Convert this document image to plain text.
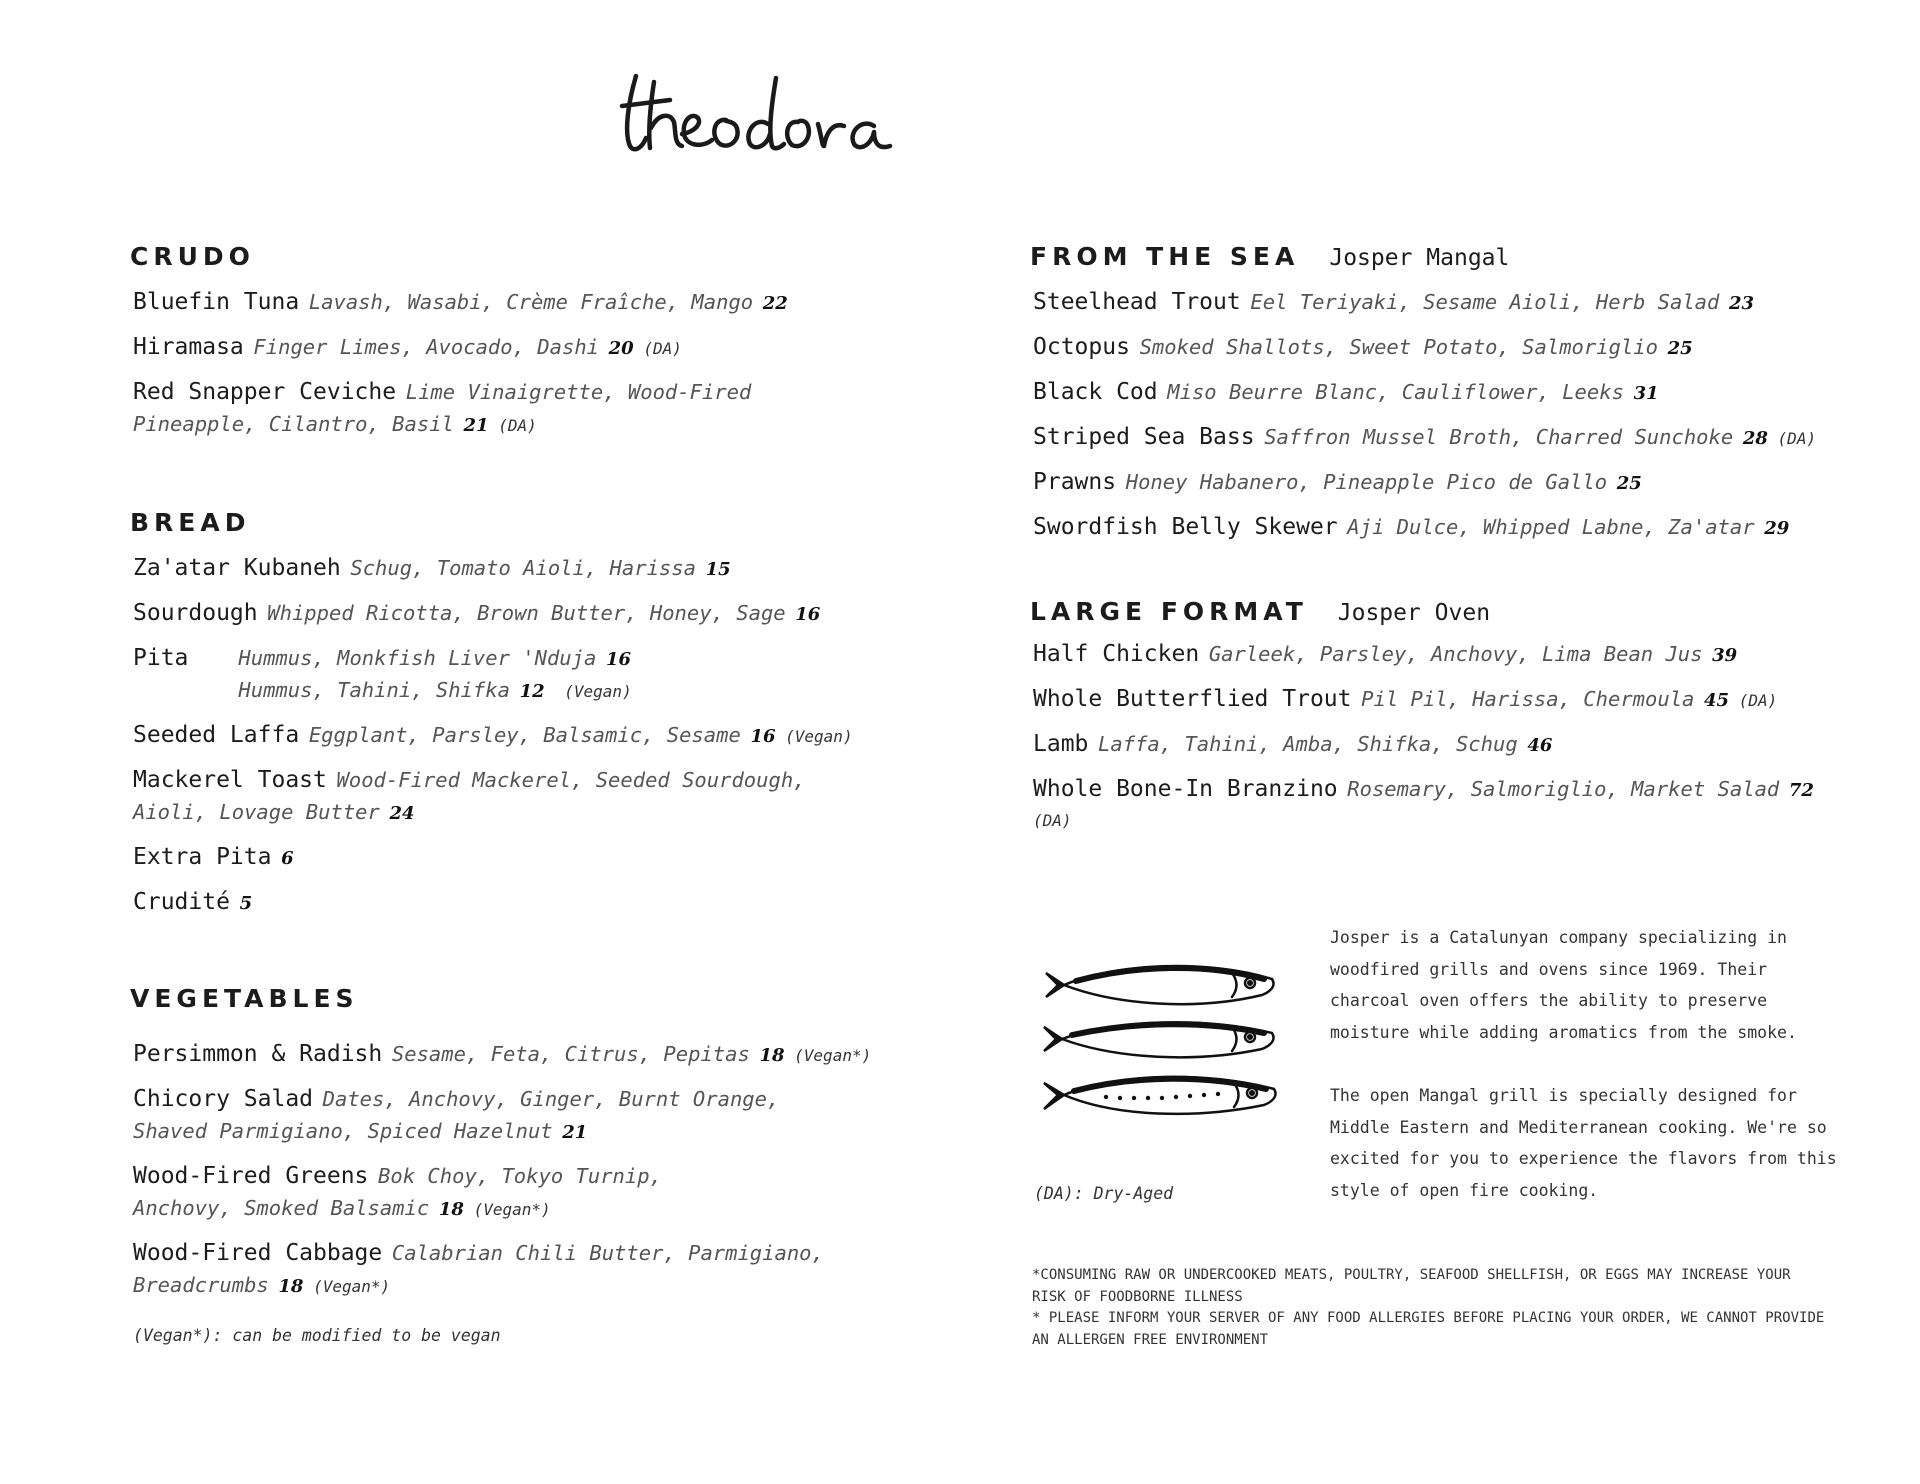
CRUDO
Bluefin Tuna Lavash, Wasabi, Crème Fraîche, Mango 22
Hiramasa Finger Limes, Avocado, Dashi 20 (DA)
Red Snapper Ceviche Lime Vinaigrette, Wood-Fired Pineapple, Cilantro, Basil 21 (DA)
BREAD
Za'atar Kubaneh Schug, Tomato Aioli, Harissa 15
Sourdough Whipped Ricotta, Brown Butter, Honey, Sage 16
Pita Hummus, Monkfish Liver 'Nduja 16
Hummus, Tahini, Shifka 12 (Vegan)
Seeded Laffa Eggplant, Parsley, Balsamic, Sesame 16 (Vegan)
Mackerel Toast Wood-Fired Mackerel, Seeded Sourdough, Aioli, Lovage Butter 24
Extra Pita 6
Crudité 5
VEGETABLES
Persimmon & Radish Sesame, Feta, Citrus, Pepitas 18 (Vegan*)
Chicory Salad Dates, Anchovy, Ginger, Burnt Orange, Shaved Parmigiano, Spiced Hazelnut 21
Wood-Fired Greens Bok Choy, Tokyo Turnip, Anchovy, Smoked Balsamic 18 (Vegan*)
Wood-Fired Cabbage Calabrian Chili Butter, Parmigiano, Breadcrumbs 18 (Vegan*)
(Vegan*): can be modified to be vegan
FROM THE SEA Josper Mangal
Steelhead Trout Eel Teriyaki, Sesame Aioli, Herb Salad 23
Octopus Smoked Shallots, Sweet Potato, Salmoriglio 25
Black Cod Miso Beurre Blanc, Cauliflower, Leeks 31
Striped Sea Bass Saffron Mussel Broth, Charred Sunchoke 28 (DA)
Prawns Honey Habanero, Pineapple Pico de Gallo 25
Swordfish Belly Skewer Aji Dulce, Whipped Labne, Za'atar 29
LARGE FORMAT Josper Oven
Half Chicken Garleek, Parsley, Anchovy, Lima Bean Jus 39
Whole Butterflied Trout Pil Pil, Harissa, Chermoula 45 (DA)
Lamb Laffa, Tahini, Amba, Shifka, Schug 46
Whole Bone-In Branzino Rosemary, Salmoriglio, Market Salad 72 (DA)
(DA): Dry-Aged

Josper is a Catalunyan company specializing in woodfired grills and ovens since 1969. Their charcoal oven offers the ability to preserve moisture while adding aromatics from the smoke.

The open Mangal grill is specially designed for Middle Eastern and Mediterranean cooking. We're so excited for you to experience the flavors from this style of open fire cooking.

*CONSUMING RAW OR UNDERCOOKED MEATS, POULTRY, SEAFOOD SHELLFISH, OR EGGS MAY INCREASE YOUR RISK OF FOODBORNE ILLNESS

* PLEASE INFORM YOUR SERVER OF ANY FOOD ALLERGIES BEFORE PLACING YOUR ORDER, WE CANNOT PROVIDE AN ALLERGEN FREE ENVIRONMENT
